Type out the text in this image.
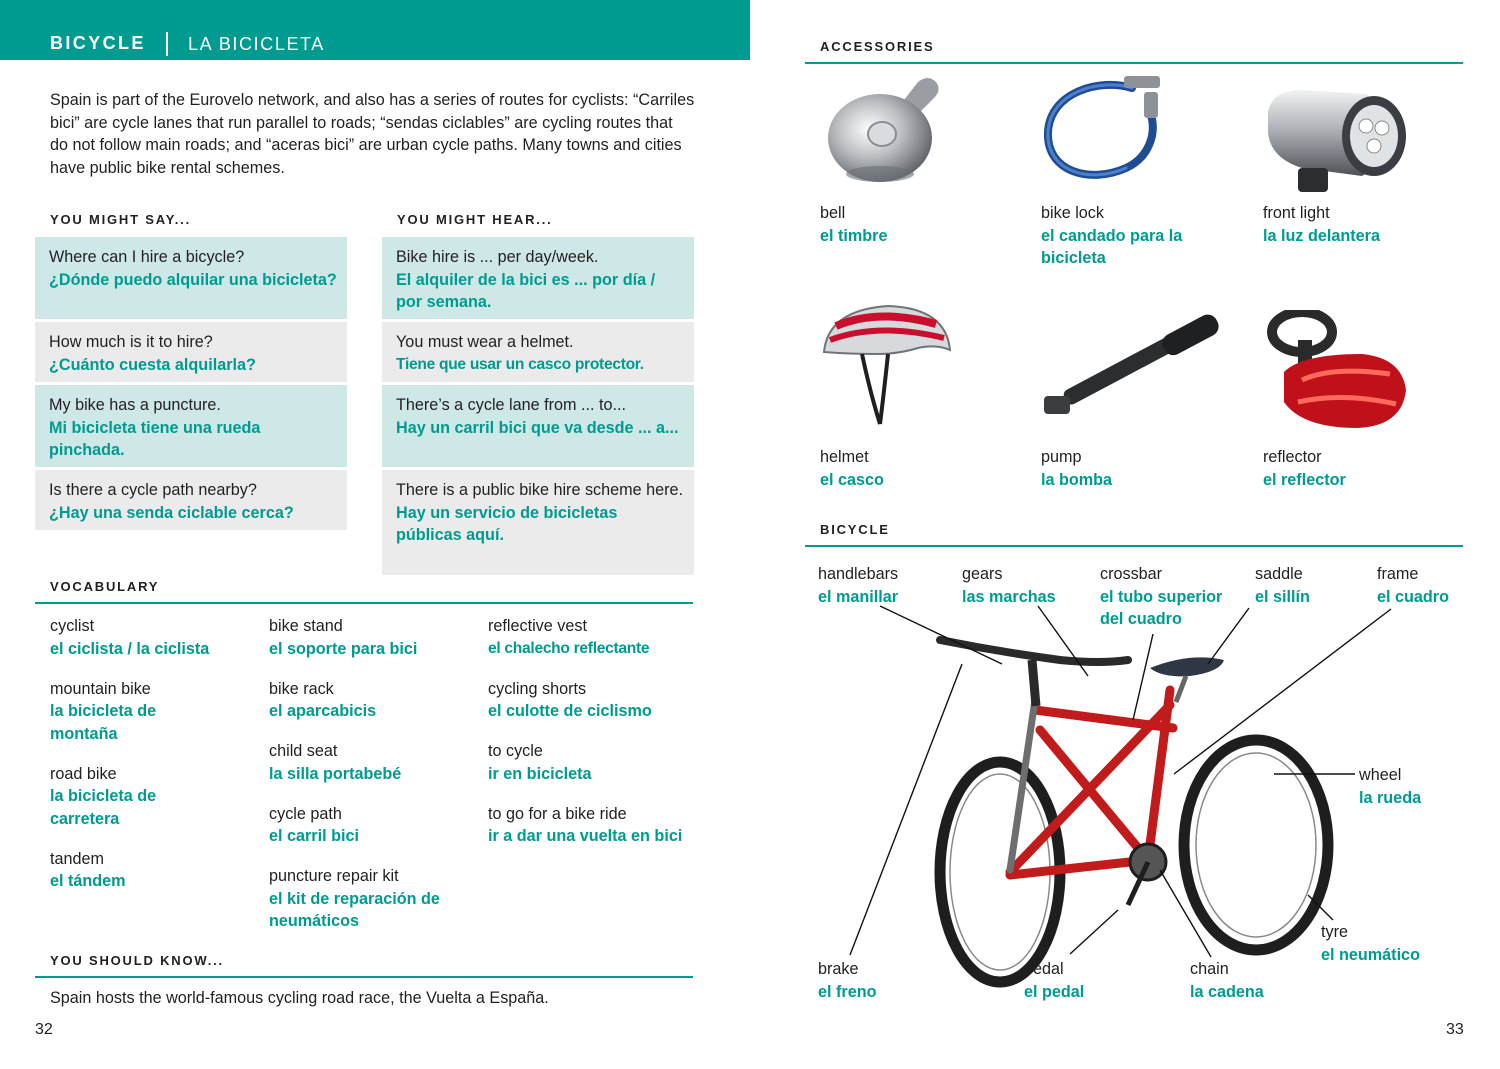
BICYCLE LA BICICLETA
Spain is part of the Eurovelo network, and also has a series of routes for cyclists: “Carriles bici” are cycle lanes that run parallel to roads; “sendas ciclables” are cycling routes that do not follow main roads; and “aceras bici” are urban cycle paths. Many towns and cities have public bike rental schemes.
YOU MIGHT SAY...
Where can I hire a bicycle?
¿Dónde puedo alquilar una bicicleta?
How much is it to hire?
¿Cuánto cuesta alquilarla?
My bike has a puncture.
Mi bicicleta tiene una rueda pinchada.
Is there a cycle path nearby?
¿Hay una senda ciclable cerca?
YOU MIGHT HEAR...
Bike hire is ... per day/week.
El alquiler de la bici es ... por día / por semana.
You must wear a helmet.
Tiene que usar un casco protector.
There’s a cycle lane from ... to...
Hay un carril bici que va desde ... a...
There is a public bike hire scheme here.
Hay un servicio de bicicletas públicas aquí.
VOCABULARY
cyclist
el ciclista / la ciclista
mountain bike
la bicicleta de montaña
road bike
la bicicleta de carretera
tandem
el tándem
bike stand
el soporte para bici
bike rack
el aparcabicis
child seat
la silla portabebé
cycle path
el carril bici
puncture repair kit
el kit de reparación de neumáticos
reflective vest
el chalecho reflectante
cycling shorts
el culotte de ciclismo
to cycle
ir en bicicleta
to go for a bike ride
ir a dar una vuelta en bici
YOU SHOULD KNOW...
Spain hosts the world-famous cycling road race, the Vuelta a España.
32
ACCESSORIES
bell
el timbre
bike lock
el candado para la bicicleta
front light
la luz delantera
helmet
el casco
pump
la bomba
reflector
el reflector
BICYCLE
handlebars
el manillar
gears
las marchas
crossbar
el tubo superior del cuadro
saddle
el sillín
frame
el cuadro
wheel
la rueda
tyre
el neumático
brake
el freno
pedal
el pedal
chain
la cadena
33
